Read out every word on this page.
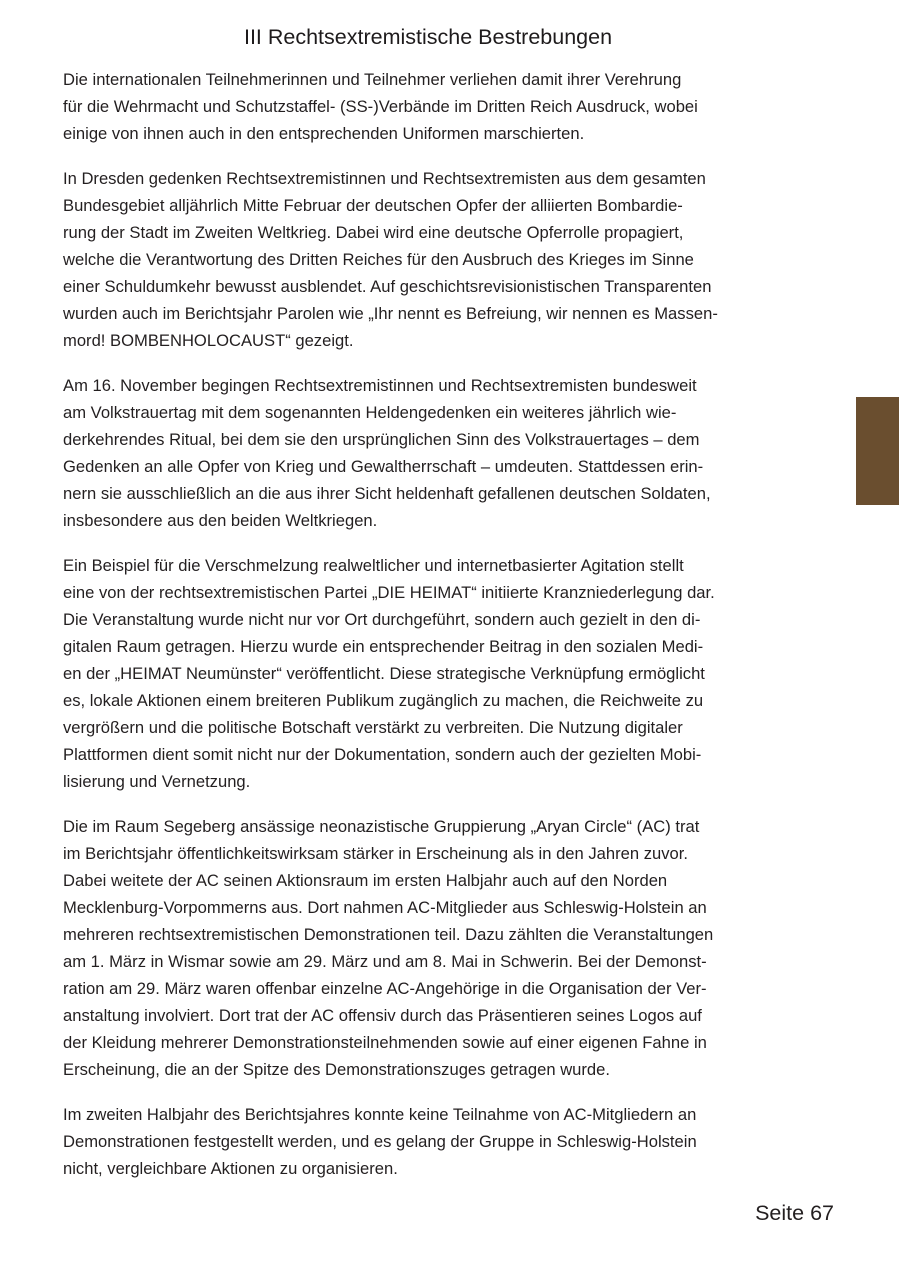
III Rechtsextremistische Bestrebungen

Die internationalen Teilnehmerinnen und Teilnehmer verliehen damit ihrer Verehrung
für die Wehrmacht und Schutzstaffel- (SS-)Verbände im Dritten Reich Ausdruck, wobei
einige von ihnen auch in den entsprechenden Uniformen marschierten.

In Dresden gedenken Rechtsextremistinnen und Rechtsextremisten aus dem gesamten
Bundesgebiet alljährlich Mitte Februar der deutschen Opfer der alliierten Bombardie-
rung der Stadt im Zweiten Weltkrieg. Dabei wird eine deutsche Opferrolle propagiert,
welche die Verantwortung des Dritten Reiches für den Ausbruch des Krieges im Sinne
einer Schuldumkehr bewusst ausblendet. Auf geschichtsrevisionistischen Transparenten
wurden auch im Berichtsjahr Parolen wie „Ihr nennt es Befreiung, wir nennen es Massen-
mord! BOMBENHOLOCAUST“ gezeigt.

Am 16. November begingen Rechtsextremistinnen und Rechtsextremisten bundesweit
am Volkstrauertag mit dem sogenannten Heldengedenken ein weiteres jährlich wie-
derkehrendes Ritual, bei dem sie den ursprünglichen Sinn des Volkstrauertages – dem
Gedenken an alle Opfer von Krieg und Gewaltherrschaft – umdeuten. Stattdessen erin-
nern sie ausschließlich an die aus ihrer Sicht heldenhaft gefallenen deutschen Soldaten,
insbesondere aus den beiden Weltkriegen.

Ein Beispiel für die Verschmelzung realweltlicher und internetbasierter Agitation stellt
eine von der rechtsextremistischen Partei „DIE HEIMAT“ initiierte Kranzniederlegung dar.
Die Veranstaltung wurde nicht nur vor Ort durchgeführt, sondern auch gezielt in den di-
gitalen Raum getragen. Hierzu wurde ein entsprechender Beitrag in den sozialen Medi-
en der „HEIMAT Neumünster“ veröffentlicht. Diese strategische Verknüpfung ermöglicht
es, lokale Aktionen einem breiteren Publikum zugänglich zu machen, die Reichweite zu
vergrößern und die politische Botschaft verstärkt zu verbreiten. Die Nutzung digitaler
Plattformen dient somit nicht nur der Dokumentation, sondern auch der gezielten Mobi-
lisierung und Vernetzung.

Die im Raum Segeberg ansässige neonazistische Gruppierung „Aryan Circle“ (AC) trat
im Berichtsjahr öffentlichkeitswirksam stärker in Erscheinung als in den Jahren zuvor.
Dabei weitete der AC seinen Aktionsraum im ersten Halbjahr auch auf den Norden
Mecklenburg-Vorpommerns aus. Dort nahmen AC-Mitglieder aus Schleswig-Holstein an
mehreren rechtsextremistischen Demonstrationen teil. Dazu zählten die Veranstaltungen
am 1. März in Wismar sowie am 29. März und am 8. Mai in Schwerin. Bei der Demonst-
ration am 29. März waren offenbar einzelne AC-Angehörige in die Organisation der Ver-
anstaltung involviert. Dort trat der AC offensiv durch das Präsentieren seines Logos auf
der Kleidung mehrerer Demonstrationsteilnehmenden sowie auf einer eigenen Fahne in
Erscheinung, die an der Spitze des Demonstrationszuges getragen wurde.

Im zweiten Halbjahr des Berichtsjahres konnte keine Teilnahme von AC-Mitgliedern an
Demonstrationen festgestellt werden, und es gelang der Gruppe in Schleswig-Holstein
nicht, vergleichbare Aktionen zu organisieren.

Seite 67
